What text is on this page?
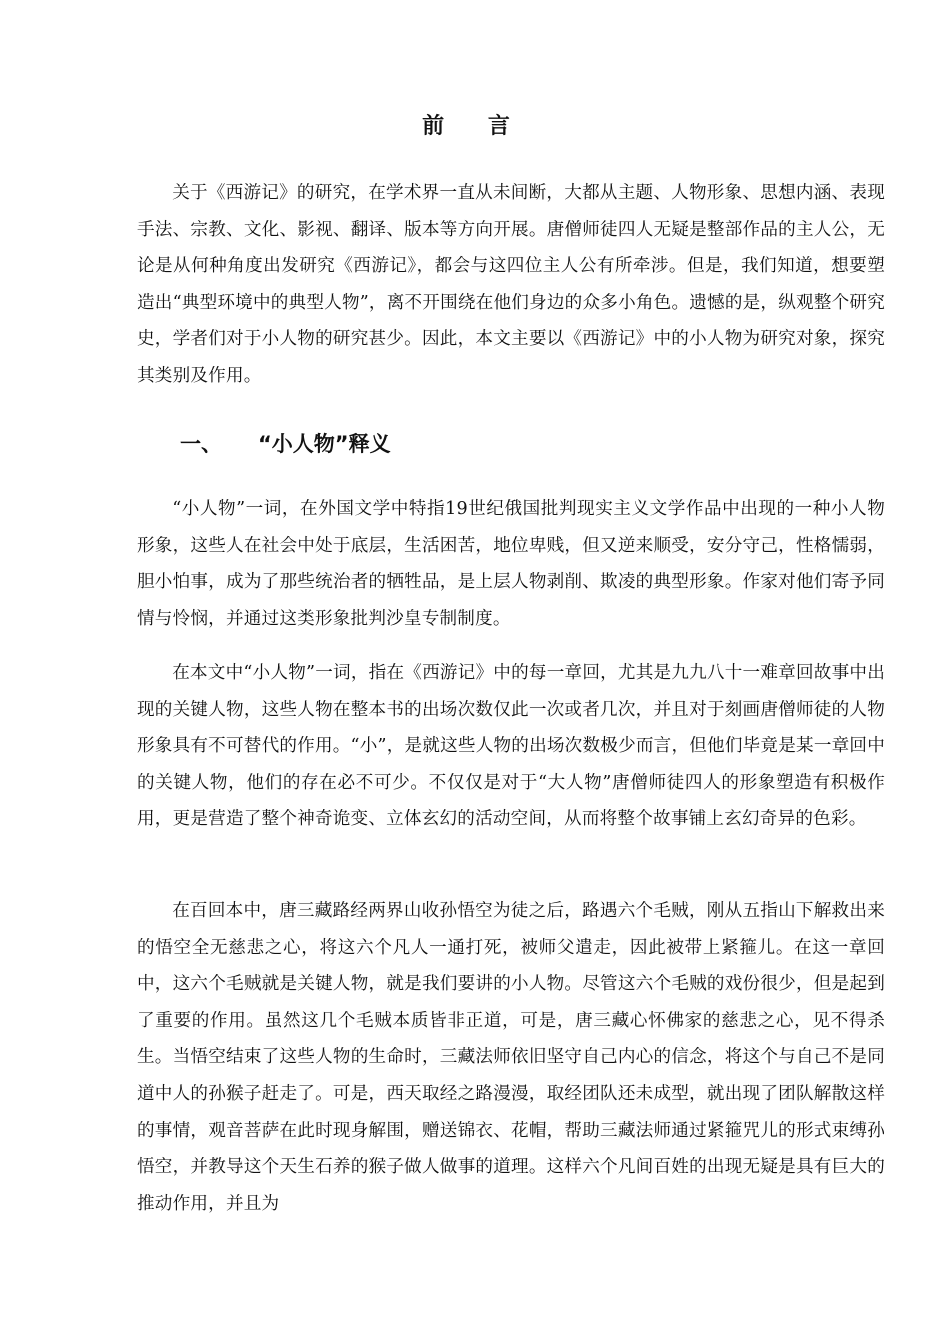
前 言

关于《西游记》的研究，在学术界一直从未间断，大都从主题、人物形象、思想内涵、表现手法、宗教、文化、影视、翻译、版本等方向开展。唐僧师徒四人无疑是整部作品的主人公，无论是从何种角度出发研究《西游记》，都会与这四位主人公有所牵涉。但是，我们知道，想要塑造出“典型环境中的典型人物”，离不开围绕在他们身边的众多小角色。遗憾的是，纵观整个研究史，学者们对于小人物的研究甚少。因此，本文主要以《西游记》中的小人物为研究对象，探究其类别及作用。

一、 “小人物”释义

“小人物”一词，在外国文学中特指19世纪俄国批判现实主义文学作品中出现的一种小人物形象，这些人在社会中处于底层，生活困苦，地位卑贱，但又逆来顺受，安分守己，性格懦弱，胆小怕事，成为了那些统治者的牺牲品，是上层人物剥削、欺凌的典型形象。作家对他们寄予同情与怜悯，并通过这类形象批判沙皇专制制度。

在本文中“小人物”一词，指在《西游记》中的每一章回，尤其是九九八十一难章回故事中出现的关键人物，这些人物在整本书的出场次数仅此一次或者几次，并且对于刻画唐僧师徒的人物形象具有不可替代的作用。“小”，是就这些人物的出场次数极少而言，但他们毕竟是某一章回中的关键人物，他们的存在必不可少。不仅仅是对于“大人物”唐僧师徒四人的形象塑造有积极作用，更是营造了整个神奇诡变、立体玄幻的活动空间，从而将整个故事铺上玄幻奇异的色彩。

在百回本中，唐三藏路经两界山收孙悟空为徒之后，路遇六个毛贼，刚从五指山下解救出来的悟空全无慈悲之心，将这六个凡人一通打死，被师父遣走，因此被带上紧箍儿。在这一章回中，这六个毛贼就是关键人物，就是我们要讲的小人物。尽管这六个毛贼的戏份很少，但是起到了重要的作用。虽然这几个毛贼本质皆非正道，可是，唐三藏心怀佛家的慈悲之心，见不得杀生。当悟空结束了这些人物的生命时，三藏法师依旧坚守自己内心的信念，将这个与自己不是同道中人的孙猴子赶走了。可是，西天取经之路漫漫，取经团队还未成型，就出现了团队解散这样的事情，观音菩萨在此时现身解围，赠送锦衣、花帽，帮助三藏法师通过紧箍咒儿的形式束缚孙悟空，并教导这个天生石养的猴子做人做事的道理。这样六个凡间百姓的出现无疑是具有巨大的推动作用，并且为
